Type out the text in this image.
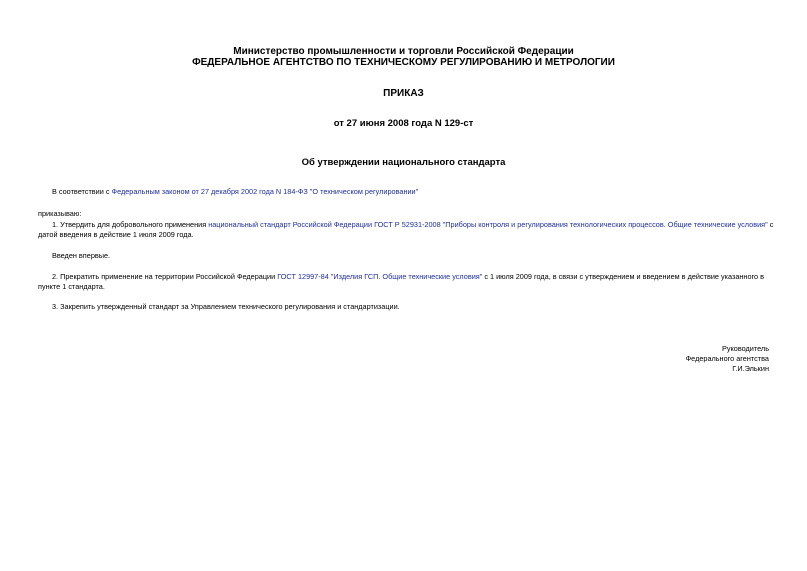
Министерство промышленности и торговли Российской Федерации
ФЕДЕРАЛЬНОЕ АГЕНТСТВО ПО ТЕХНИЧЕСКОМУ РЕГУЛИРОВАНИЮ И МЕТРОЛОГИИ
ПРИКАЗ
от 27 июня 2008 года N 129-ст
Об утверждении национального стандарта
В соответствии с Федеральным законом от 27 декабря 2002 года N 184-ФЗ "О техническом регулировании"
приказываю:
1. Утвердить для добровольного применения национальный стандарт Российской Федерации ГОСТ Р 52931-2008 "Приборы контроля и регулирования технологических процессов. Общие технические условия" с
датой введения в действие 1 июля 2009 года.
Введен впервые.
2. Прекратить применение на территории Российской Федерации ГОСТ 12997-84 "Изделия ГСП. Общие технические условия" с 1 июля 2009 года, в связи с утверждением и введением в действие указанного в
пункте 1 стандарта.
3. Закрепить утвержденный стандарт за Управлением технического регулирования и стандартизации.
Руководитель
Федерального агентства
Г.И.Элькин
